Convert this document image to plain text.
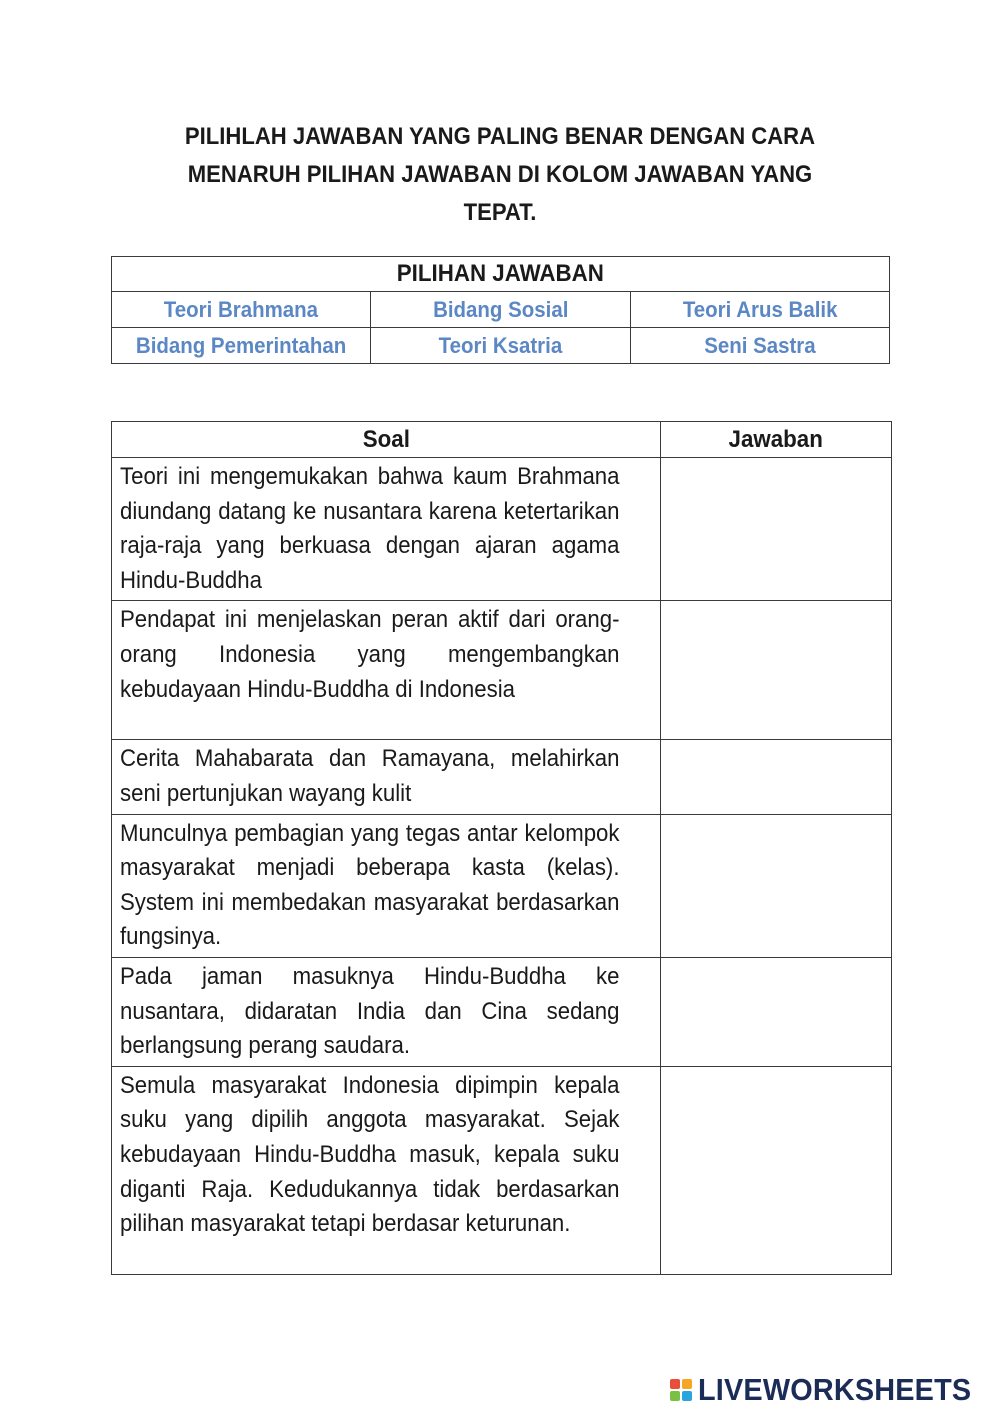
PILIHLAH JAWABAN YANG PALING BENAR DENGAN CARA
MENARUH PILIHAN JAWABAN DI KOLOM JAWABAN YANG
TEPAT.
PILIHAN JAWABAN		
Teori Brahmana	Bidang Sosial	Teori Arus Balik
Bidang Pemerintahan	Teori Ksatria	Seni Sastra
Soal	Jawaban

Teori ini mengemukakan bahwa kaum Brahmana diundang datang ke nusantara karena ketertarikan raja-raja yang berkuasa dengan ajaran agama Hindu-Buddha	

Pendapat ini menjelaskan peran aktif dari orang-orang Indonesia yang mengembangkan kebudayaan Hindu-Buddha di Indonesia	

Cerita Mahabarata dan Ramayana, melahirkan seni pertunjukan wayang kulit	

Munculnya pembagian yang tegas antar kelompok masyarakat menjadi beberapa kasta (kelas). System ini membedakan masyarakat berdasarkan fungsinya.	

Pada jaman masuknya Hindu-Buddha ke nusantara, didaratan India dan Cina sedang berlangsung perang saudara.	

Semula masyarakat Indonesia dipimpin kepala suku yang dipilih anggota masyarakat. Sejak kebudayaan Hindu-Buddha masuk, kepala suku diganti Raja. Kedudukannya tidak berdasarkan pilihan masyarakat tetapi berdasar keturunan.	

LIVEWORKSHEETS
